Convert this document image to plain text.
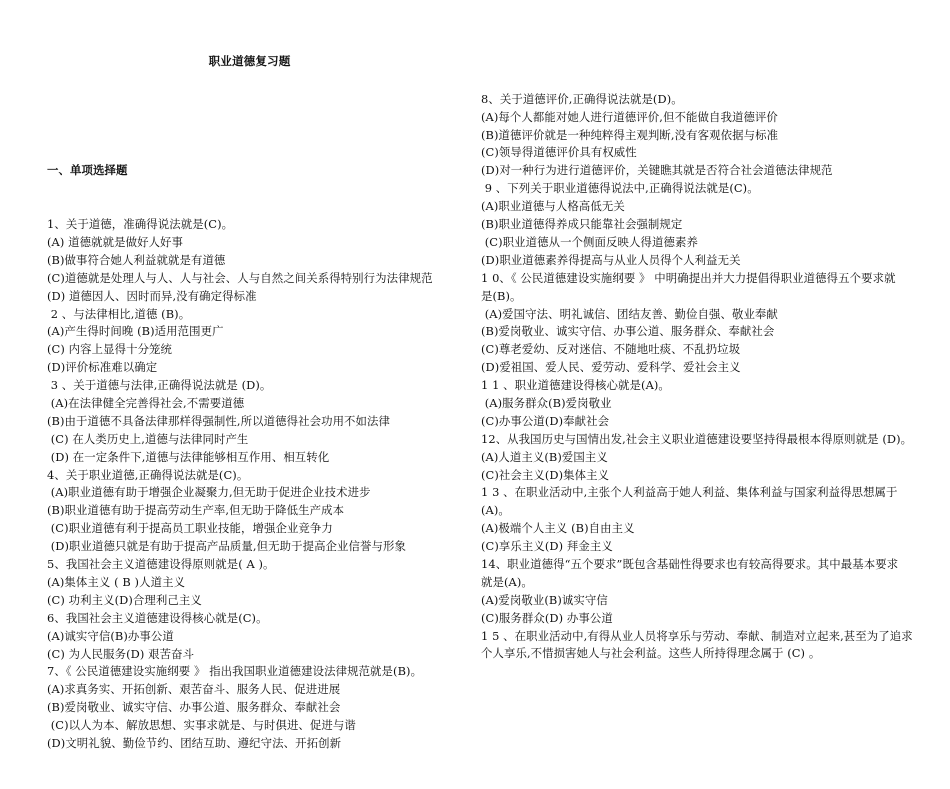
职业道德复习题

一、单项选择题

1、关于道德，准确得说法就是(C)。
(A) 道德就就是做好人好事
(B)做事符合她人利益就就是有道德
(C)道德就是处理人与人、人与社会、人与自然之间关系得特别行为法律规范
(D) 道德因人、因时而异,没有确定得标准
2 、与法律相比,道德 (B)。
(A)产生得时间晚 (B)适用范围更广
(C) 内容上显得十分笼统
(D)评价标准难以确定
3 、关于道德与法律,正确得说法就是 (D)。
(A)在法律健全完善得社会,不需要道德
(B)由于道德不具备法律那样得强制性,所以道德得社会功用不如法律
(C) 在人类历史上,道德与法律同时产生
(D) 在一定条件下,道德与法律能够相互作用、相互转化
4、关于职业道德,正确得说法就是(C)。
(A)职业道德有助于增强企业凝聚力,但无助于促进企业技术进步
(B)职业道德有助于提高劳动生产率,但无助于降低生产成本
(C)职业道德有利于提高员工职业技能，增强企业竞争力
(D)职业道德只就是有助于提高产品质量,但无助于提高企业信誉与形象
5、我国社会主义道德建设得原则就是( A )。
(A)集体主义 ( B )人道主义
(C) 功利主义(D)合理利己主义
6、我国社会主义道德建设得核心就是(C)。
(A)诚实守信(B)办事公道
(C) 为人民服务(D) 艰苦奋斗
7、《 公民道德建设实施纲要 》 指出我国职业道德建设法律规范就是(B)。
(A)求真务实、开拓创新、艰苦奋斗、服务人民、促进进展
(B)爱岗敬业、诚实守信、办事公道、服务群众、奉献社会
(C)以人为本、解放思想、实事求就是、与时俱进、促进与谐
(D)文明礼貌、勤俭节约、团结互助、遵纪守法、开拓创新

8、关于道德评价,正确得说法就是(D)。
(A)每个人都能对她人进行道德评价,但不能做自我道德评价
(B)道德评价就是一种纯粹得主观判断,没有客观依据与标准
(C)领导得道德评价具有权威性
(D)对一种行为进行道德评价，关键瞧其就是否符合社会道德法律规范
9 、下列关于职业道德得说法中,正确得说法就是(C)。
(A)职业道德与人格高低无关
(B)职业道德得养成只能靠社会强制规定
(C)职业道德从一个侧面反映人得道德素养
(D)职业道德素养得提高与从业人员得个人利益无关
1 0、《 公民道德建设实施纲要 》 中明确提出并大力提倡得职业道德得五个要求就
是(B)。
(A)爱国守法、明礼诚信、团结友善、勤俭自强、敬业奉献
(B)爱岗敬业、诚实守信、办事公道、服务群众、奉献社会
(C)尊老爱幼、反对迷信、不随地吐痰、不乱扔垃圾
(D)爱祖国、爱人民、爱劳动、爱科学、爱社会主义
1 1 、职业道德建设得核心就是(A)。
(A)服务群众(B)爱岗敬业
(C)办事公道(D)奉献社会
12、从我国历史与国情出发,社会主义职业道德建设要坚持得最根本得原则就是 (D)。
(A)人道主义(B)爱国主义
(C)社会主义(D)集体主义
1 3 、在职业活动中,主张个人利益高于她人利益、集体利益与国家利益得思想属于
(A)。
(A)极端个人主义 (B)自由主义
(C)享乐主义(D) 拜金主义
14、职业道德得“五个要求”既包含基础性得要求也有较高得要求。其中最基本要求
就是(A)。
(A)爱岗敬业(B)诚实守信
(C)服务群众(D) 办事公道
1 5 、在职业活动中,有得从业人员将享乐与劳动、奉献、制造对立起来,甚至为了追求
个人享乐,不惜损害她人与社会利益。这些人所持得理念属于 (C) 。
